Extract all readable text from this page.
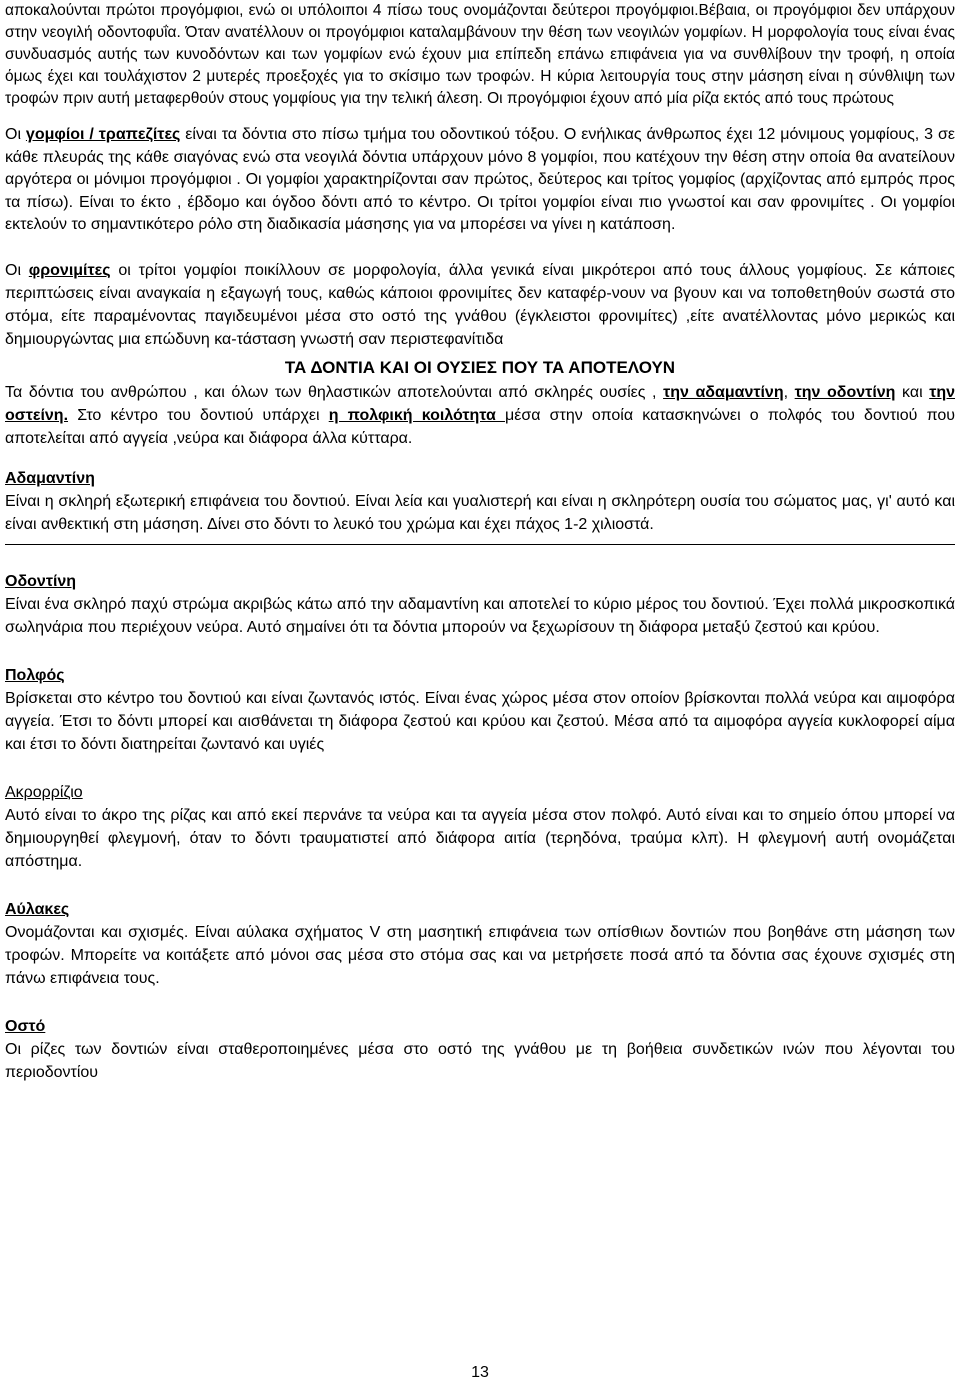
αποκαλούνται πρώτοι προγόμφιοι, ενώ οι υπόλοιποι 4 πίσω τους ονομάζονται δεύτεροι προγόμφιοι.Βέβαια, οι προγόμφιοι δεν υπάρχουν στην νεογιλή οδοντοφυΐα. Όταν ανατέλλουν οι προγόμφιοι καταλαμβάνουν την θέση των νεογιλών γομφίων. Η μορφολογία τους είναι ένας συνδυασμός αυτής των κυνοδόντων και των γομφίων ενώ έχουν μια επίπεδη επάνω επιφάνεια για να συνθλίβουν την τροφή, η οποία όμως έχει και τουλάχιστον 2 μυτερές προεξοχές για το σκίσιμο των τροφών. Η κύρια λειτουργία τους στην μάσηση είναι η σύνθλιψη των τροφών πριν αυτή μεταφερθούν στους γομφίους για την τελική άλεση. Οι προγόμφιοι έχουν από μία ρίζα εκτός από τους πρώτους

Οι γομφίοι / τραπεζίτες είναι τα δόντια στο πίσω τμήμα του οδοντικού τόξου. Ο ενήλικας άνθρωπος έχει 12 μόνιμους γομφίους, 3 σε κάθε πλευράς της κάθε σιαγόνας ενώ στα νεογιλά δόντια υπάρχουν μόνο 8 γομφίοι, που κατέχουν την θέση στην οποία θα ανατείλουν αργότερα οι μόνιμοι προγόμφιοι . Οι γομφίοι χαρακτηρίζονται σαν πρώτος, δεύτερος και τρίτος γομφίος (αρχίζοντας από εμπρός προς τα πίσω). Είναι το έκτο , έβδομο και όγδοο δόντι από το κέντρο. Οι τρίτοι γομφίοι είναι πιο γνωστοί και σαν φρονιμίτες . Οι γομφίοι εκτελούν το σημαντικότερο ρόλο στη διαδικασία μάσησης για να μπορέσει να γίνει η κατάποση.

Οι φρονιμίτες οι τρίτοι γομφίοι ποικίλλουν σε μορφολογία, άλλα γενικά είναι μικρότεροι από τους άλλους γομφίους. Σε κάποιες περιπτώσεις είναι αναγκαία η εξαγωγή τους, καθώς κάποιοι φρονιμίτες δεν καταφέρ-νουν να βγουν και να τοποθετηθούν σωστά στο στόμα, είτε παραμένοντας παγιδευμένοι μέσα στο οστό της γνάθου (έγκλειστοι φρονιμίτες) ,είτε ανατέλλοντας μόνο μερικώς και δημιουργώντας μια επώδυνη κα-τάσταση γνωστή σαν περιστεφανίτιδα

ΤΑ ΔΟΝΤΙΑ ΚΑΙ ΟΙ ΟΥΣΙΕΣ ΠΟΥ ΤΑ ΑΠΟΤΕΛΟΥΝ

Τα δόντια του ανθρώπου , και όλων των θηλαστικών αποτελούνται από σκληρές ουσίες , την αδαμαντίνη, την οδοντίνη και την οστείνη. Στο κέντρο του δοντιού υπάρχει η πολφική κοιλότητα μέσα στην οποία κατασκηνώνει ο πολφός του δοντιού που αποτελείται από αγγεία ,νεύρα και διάφορα άλλα κύτταρα.

Αδαμαντίνη

Είναι η σκληρή εξωτερική επιφάνεια του δοντιού. Είναι λεία και γυαλιστερή και είναι η σκληρότερη ουσία του σώματος μας, γι' αυτό και είναι ανθεκτική στη μάσηση. Δίνει στο δόντι το λευκό του χρώμα και έχει πάχος 1-2 χιλιοστά.

Οδοντίνη

Είναι ένα σκληρό παχύ στρώμα ακριβώς κάτω από την αδαμαντίνη και αποτελεί το κύριο μέρος του δοντιού. Έχει πολλά μικροσκοπικά σωληνάρια που περιέχουν νεύρα. Αυτό σημαίνει ότι τα δόντια μπορούν να ξεχωρίσουν τη διάφορα μεταξύ ζεστού και κρύου.

Πολφός

Βρίσκεται στο κέντρο του δοντιού και είναι ζωντανός ιστός. Είναι ένας χώρος μέσα στον οποίον βρίσκονται πολλά νεύρα και αιμοφόρα αγγεία. Έτσι το δόντι μπορεί και αισθάνεται τη διάφορα ζεστού και κρύου και ζεστού. Μέσα από τα αιμοφόρα αγγεία κυκλοφορεί αίμα και έτσι το δόντι διατηρείται ζωντανό και υγιές

Ακρορρίζιο

Αυτό είναι το άκρο της ρίζας και από εκεί περνάνε τα νεύρα και τα αγγεία μέσα στον πολφό. Αυτό είναι και το σημείο όπου μπορεί να δημιουργηθεί φλεγμονή, όταν το δόντι τραυματιστεί από διάφορα αιτία (τερηδόνα, τραύμα κλπ). Η φλεγμονή αυτή ονομάζεται απόστημα.

Αύλακες

Ονομάζονται και σχισμές. Είναι αύλακα σχήματος V στη μασητική επιφάνεια των οπίσθιων δοντιών που βοηθάνε στη μάσηση των τροφών. Μπορείτε να κοιτάξετε από μόνοι σας μέσα στο στόμα σας και να μετρήσετε ποσά από τα δόντια σας έχουνε σχισμές στη πάνω επιφάνεια τους.

Οστό

Οι ρίζες των δοντιών είναι σταθεροποιημένες μέσα στο οστό της γνάθου με τη βοήθεια συνδετικών ινών που λέγονται του περιοδοντίου

13
